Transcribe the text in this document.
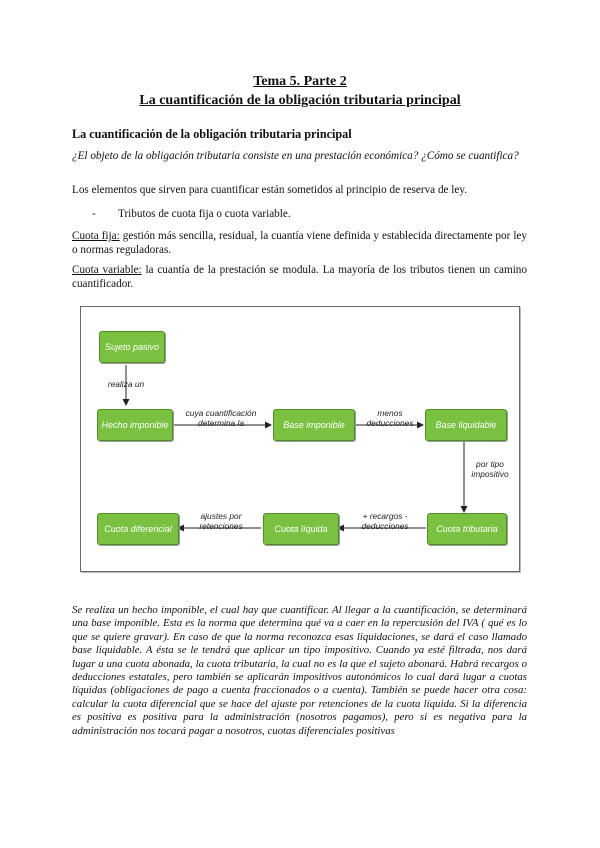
Tema 5. Parte 2
La cuantificación de la obligación tributaria principal
La cuantificación de la obligación tributaria principal
¿El objeto de la obligación tributaria consiste en una prestación económica? ¿Cómo se cuantifica?
Los elementos que sirven para cuantificar están sometidos al principio de reserva de ley.
- Tributos de cuota fija o cuota variable.
Cuota fija: gestión más sencilla, residual, la cuantía viene definida y establecida directamente por ley o normas reguladoras.
Cuota variable: la cuantía de la prestación se modula. La mayoría de los tributos tienen un camino cuantificador.
Sujeto pasivo
Hecho imponible	Base imponible	Base liquidable
Cuota tributaria
Cuota líquida
Cuota diferencial
realiza un
cuya cuantificación determina la
menos deducciones
por tipo impositivo
+ recargos - deducciones
ajustes por retenciones
Se realiza un hecho imponible, el cual hay que cuantificar. Al llegar a la cuantificación, se determinará una base imponible. Esta es la norma que determina qué va a caer en la repercusión del IVA ( qué es lo que se quiere gravar). En caso de que la norma reconozca esas liquidaciones, se dará el caso llamado base liquidable. A ésta se le tendrá que aplicar un tipo impositivo. Cuando ya esté filtrada, nos dará lugar a una cuota abonada, la cuota tributaria, la cual no es la que el sujeto abonará. Habrá recargos o deducciones estatales, pero también se aplicarán impositivos autonómicos lo cual dará lugar a cuotas líquidas (obligaciones de pago a cuenta fraccionados o a cuenta). También se puede hacer otra cosa: calcular la cuota diferencial que se hace del ajuste por retenciones de la cuota líquida. Si la diferencia es positiva es positiva para la administración (nosotros pagamos), pero si es negativa para la administración nos tocará pagar a nosotros, cuotas diferenciales positivas
